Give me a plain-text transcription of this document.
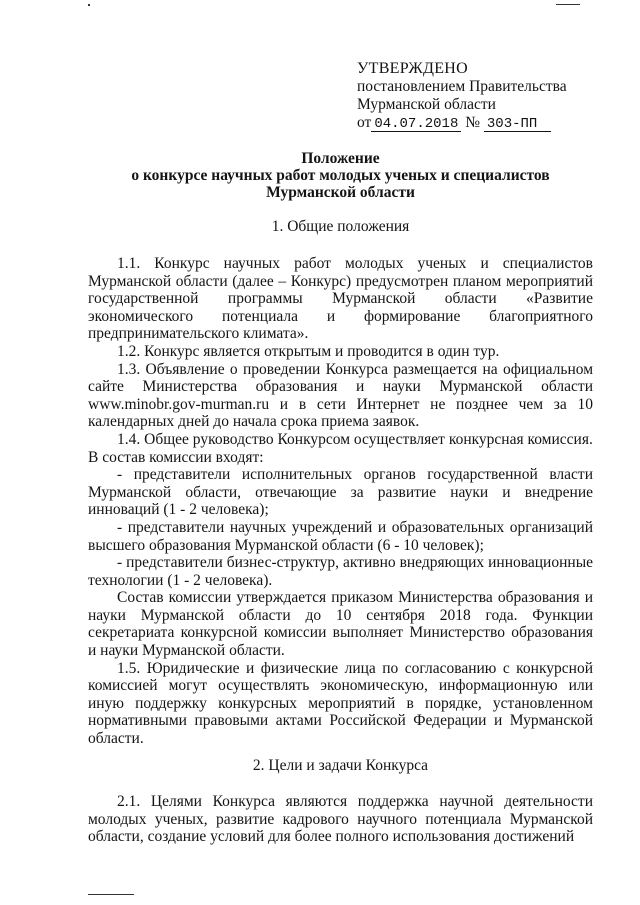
УТВЕРЖДЕНО
постановлением Правительства
Мурманской области
от 04.07.2018 № 303-ПП
Положение
о конкурсе научных работ молодых ученых и специалистов
Мурманской области
1. Общие положения

1.1. Конкурс научных работ молодых ученых и специалистов Мурманской области (далее – Конкурс) предусмотрен планом мероприятий государственной программы Мурманской области «Развитие экономического потенциала и формирование благоприятного предпринимательского климата».

1.2. Конкурс является открытым и проводится в один тур.

1.3. Объявление о проведении Конкурса размещается на официальном сайте Министерства образования и науки Мурманской области www.minobr.gov-murman.ru и в сети Интернет не позднее чем за 10 календарных дней до начала срока приема заявок.

1.4. Общее руководство Конкурсом осуществляет конкурсная комиссия.

В состав комиссии входят:

- представители исполнительных органов государственной власти Мурманской области, отвечающие за развитие науки и внедрение инноваций (1 - 2 человека);

- представители научных учреждений и образовательных организаций высшего образования Мурманской области (6 - 10 человек);

- представители бизнес-структур, активно внедряющих инновационные технологии (1 - 2 человека).

Состав комиссии утверждается приказом Министерства образования и науки Мурманской области до 10 сентября 2018 года. Функции секретариата конкурсной комиссии выполняет Министерство образования и науки Мурманской области.

1.5. Юридические и физические лица по согласованию с конкурсной комиссией могут осуществлять экономическую, информационную или иную поддержку конкурсных мероприятий в порядке, установленном нормативными правовыми актами Российской Федерации и Мурманской области.

2. Цели и задачи Конкурса

2.1. Целями Конкурса являются поддержка научной деятельности молодых ученых, развитие кадрового научного потенциала Мурманской области, создание условий для более полного использования достижений
